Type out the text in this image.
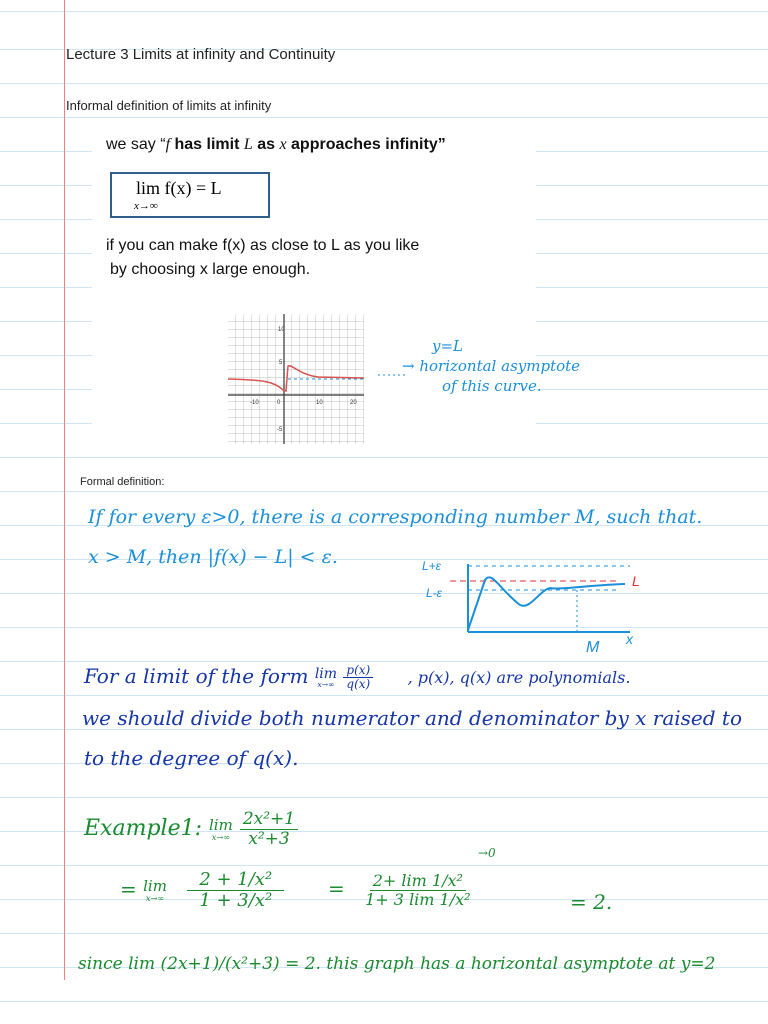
Lecture 3 Limits at infinity and Continuity
Informal definition of limits at infinity
we say “f has limit L as x approaches infinity”
lim f(x) = L
x→∞
if you can make f(x) as close to L as you like
by choosing x large enough.
-10	0	10	20
10
5
-5
y=L
→ horizontal asymptote
of this curve.
Formal definition:
If for every ε>0, there is a corresponding number M, such that.
x > M, then |f(x) − L| < ε.	L+ε
L-ε
L
M x
For a limit of the form lim
x→∞
$\frac{p(x)}{q(x)}$ , p(x), q(x) are polynomials.
we should divide both numerator and denominator by x raised to
to the degree of q(x).
Example1: lim
x→∞
$\frac{\text{2x²+1}}{\text{x²+3}}$
= lim
x→∞
$\frac{\text{2 + 1/x²}}{\text{1 + 3/x²}} = \frac{\text{2+ lim 1/x²}}{\text{1+ 3 lim 1/x²}}$
→0
= 2.
since lim (2x+1)/(x²+3) = 2. this graph has a horizontal asymptote at y=2
